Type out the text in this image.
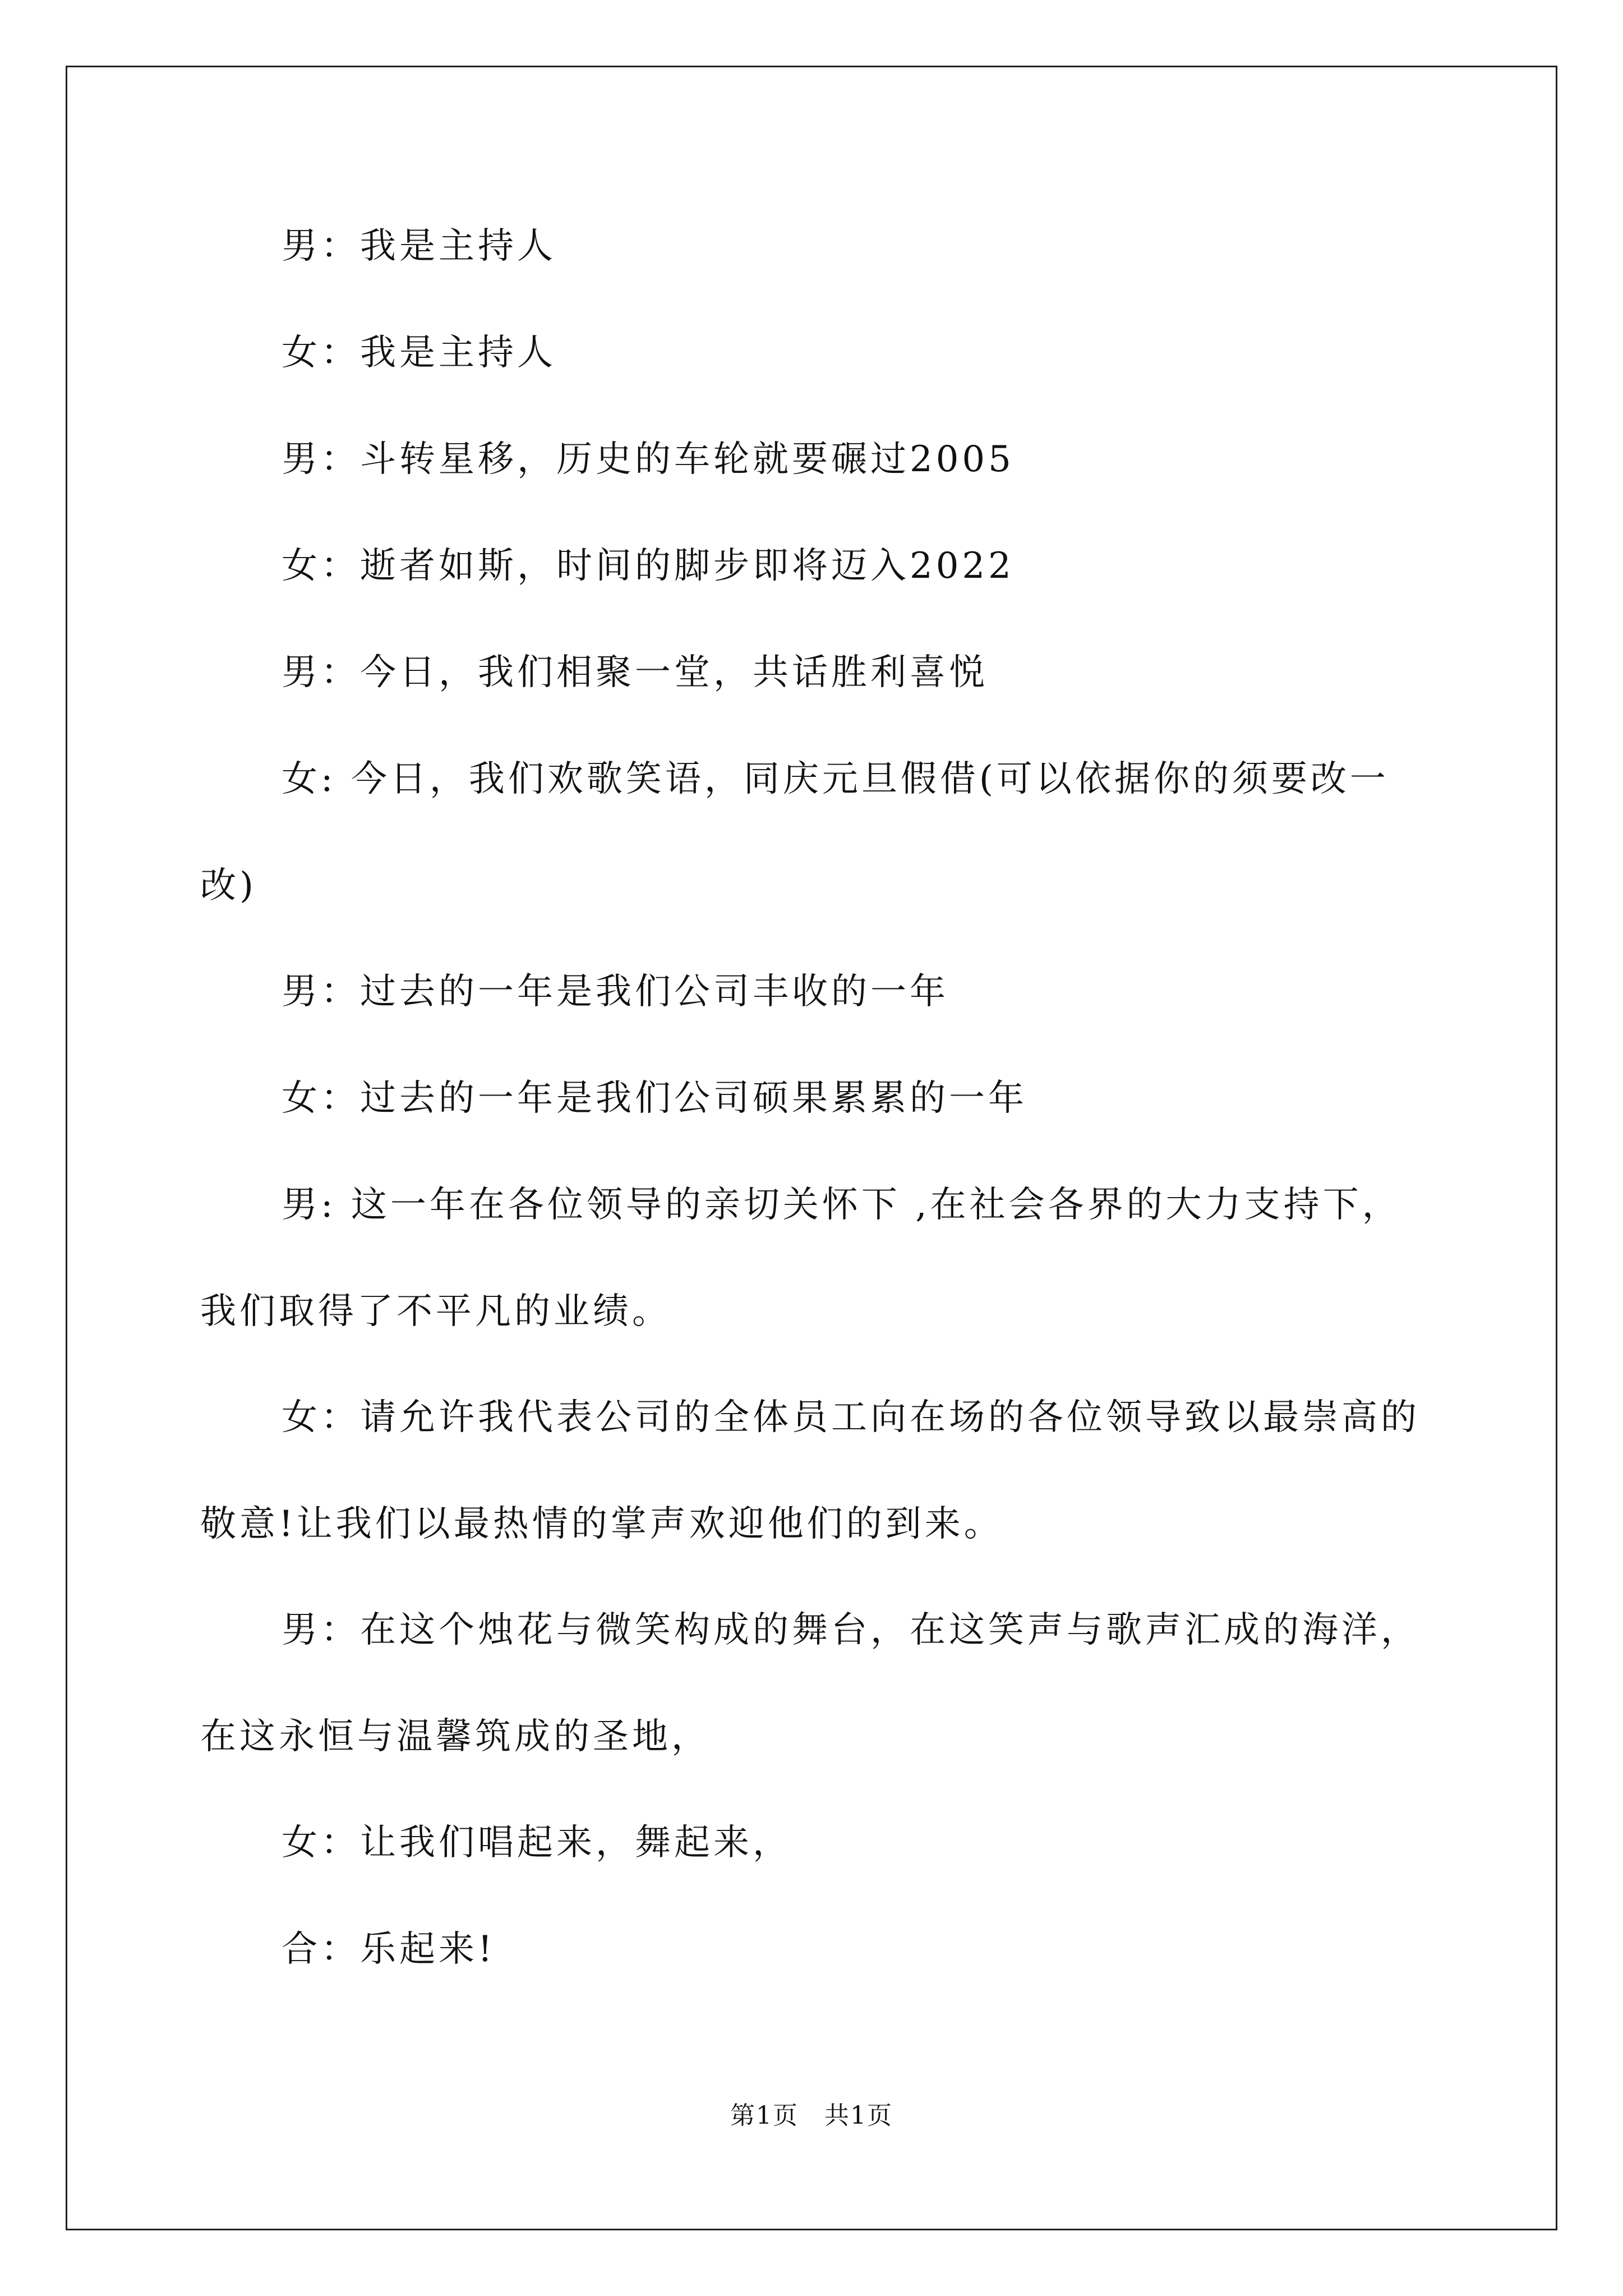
男：我是主持人

女：我是主持人

男：斗转星移，历史的车轮就要碾过2005

女：逝者如斯，时间的脚步即将迈入2022

男：今日，我们相聚一堂，共话胜利喜悦

女: 今日，我们欢歌笑语，同庆元旦假借(可以依据你的须要改一改)

男：过去的一年是我们公司丰收的一年

女：过去的一年是我们公司硕果累累的一年

男: 这一年在各位领导的亲切关怀下 ,在社会各界的大力支持下，我们取得了不平凡的业绩。

女：请允许我代表公司的全体员工向在场的各位领导致以最崇高的敬意!让我们以最热情的掌声欢迎他们的到来。

男：在这个烛花与微笑构成的舞台，在这笑声与歌声汇成的海洋，在这永恒与温馨筑成的圣地，

女：让我们唱起来，舞起来，

合：乐起来!

第1页　共1页
